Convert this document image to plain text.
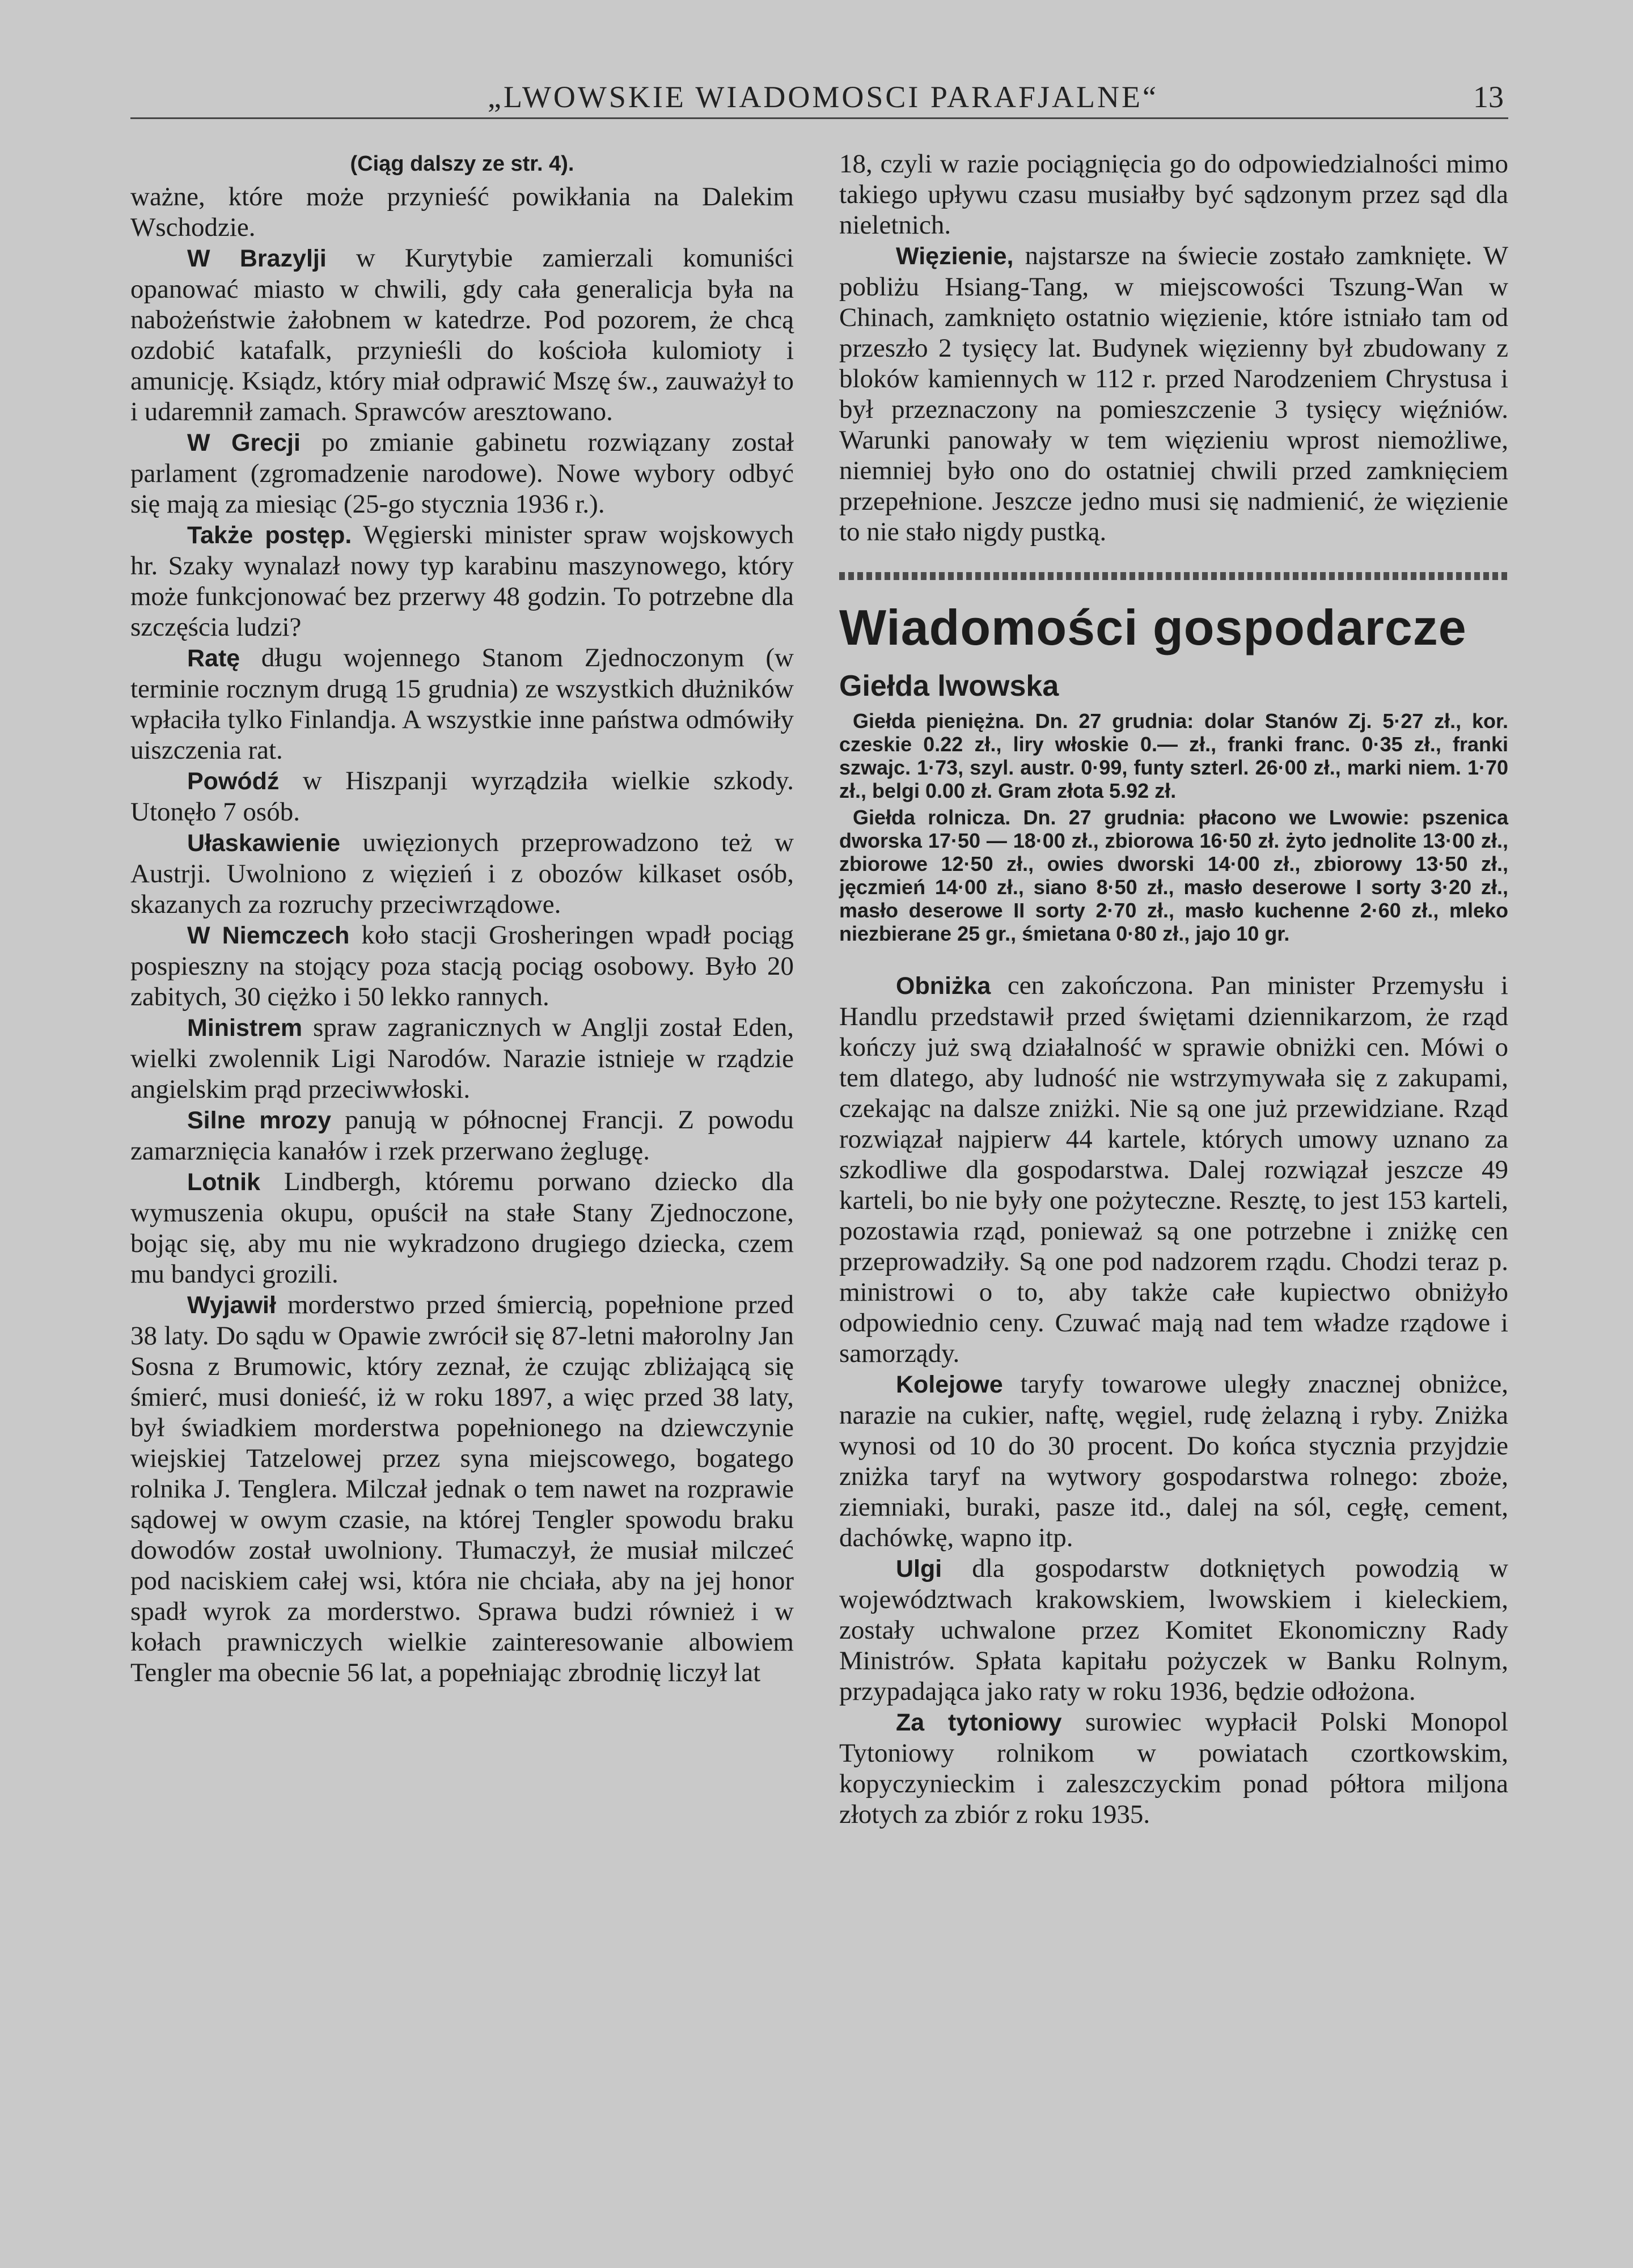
„LWOWSKIE WIADOMOSCI PARAFJALNE“	13

(Ciąg dalszy ze str. 4).

ważne, które może przynieść powikłania na Dalekim Wschodzie.

W Brazylji w Kurytybie zamierzali komuniści opanować miasto w chwili, gdy cała generalicja była na nabożeństwie żałobnem w katedrze. Pod pozorem, że chcą ozdobić katafalk, przynieśli do kościoła kulomioty i amunicję. Ksiądz, który miał odprawić Mszę św., zauważył to i udaremnił zamach. Sprawców aresztowano.

W Grecji po zmianie gabinetu rozwiązany został parlament (zgromadzenie narodowe). Nowe wybory odbyć się mają za miesiąc (25-go stycznia 1936 r.).

Także postęp. Węgierski minister spraw wojskowych hr. Szaky wynalazł nowy typ karabinu maszynowego, który może funkcjonować bez przerwy 48 godzin. To potrzebne dla szczęścia ludzi?

Ratę długu wojennego Stanom Zjednoczonym (w terminie rocznym drugą 15 grudnia) ze wszystkich dłużników wpłaciła tylko Finlandja. A wszystkie inne państwa odmówiły uiszczenia rat.

Powódź w Hiszpanji wyrządziła wielkie szkody. Utonęło 7 osób.

Ułaskawienie uwięzionych przeprowadzono też w Austrji. Uwolniono z więzień i z obozów kilkaset osób, skazanych za rozruchy przeciwrządowe.

W Niemczech koło stacji Grosheringen wpadł pociąg pospieszny na stojący poza stacją pociąg osobowy. Było 20 zabitych, 30 ciężko i 50 lekko rannych.

Ministrem spraw zagranicznych w Anglji został Eden, wielki zwolennik Ligi Narodów. Narazie istnieje w rządzie angielskim prąd przeciwwłoski.

Silne mrozy panują w północnej Francji. Z powodu zamarznięcia kanałów i rzek przerwano żeglugę.

Lotnik Lindbergh, któremu porwano dziecko dla wymuszenia okupu, opuścił na stałe Stany Zjednoczone, bojąc się, aby mu nie wykradzono drugiego dziecka, czem mu bandyci grozili.

Wyjawił morderstwo przed śmiercią, popełnione przed 38 laty. Do sądu w Opawie zwrócił się 87-letni małorolny Jan Sosna z Brumowic, który zeznał, że czując zbliżającą się śmierć, musi donieść, iż w roku 1897, a więc przed 38 laty, był świadkiem morderstwa popełnionego na dziewczynie wiejskiej Tatzelowej przez syna miejscowego, bogatego rolnika J. Tenglera. Milczał jednak o tem nawet na rozprawie sądowej w owym czasie, na której Tengler spowodu braku dowodów został uwolniony. Tłumaczył, że musiał milczeć pod naciskiem całej wsi, która nie chciała, aby na jej honor spadł wyrok za morderstwo. Sprawa budzi również i w kołach prawniczych wielkie zainteresowanie albowiem Tengler ma obecnie 56 lat, a popełniając zbrodnię liczył lat

18, czyli w razie pociągnięcia go do odpowiedzialności mimo takiego upływu czasu musiałby być sądzonym przez sąd dla nieletnich.

Więzienie, najstarsze na świecie zostało zamknięte. W pobliżu Hsiang-Tang, w miejscowości Tszung-Wan w Chinach, zamknięto ostatnio więzienie, które istniało tam od przeszło 2 tysięcy lat. Budynek więzienny był zbudowany z bloków kamiennych w 112 r. przed Narodzeniem Chrystusa i był przeznaczony na pomieszczenie 3 tysięcy więźniów. Warunki panowały w tem więzieniu wprost niemożliwe, niemniej było ono do ostatniej chwili przed zamknięciem przepełnione. Jeszcze jedno musi się nadmienić, że więzienie to nie stało nigdy pustką.

Wiadomości gospodarcze
Giełda lwowska

Giełda pieniężna. Dn. 27 grudnia: dolar Stanów Zj. 5·27 zł., kor. czeskie 0.22 zł., liry włoskie 0.— zł., franki franc. 0·35 zł., franki szwajc. 1·73, szyl. austr. 0·99, funty szterl. 26·00 zł., marki niem. 1·70 zł., belgi 0.00 zł. Gram złota 5.92 zł.

Giełda rolnicza. Dn. 27 grudnia: płacono we Lwowie: pszenica dworska 17·50 — 18·00 zł., zbiorowa 16·50 zł. żyto jednolite 13·00 zł., zbiorowe 12·50 zł., owies dworski 14·00 zł., zbiorowy 13·50 zł., jęczmień 14·00 zł., siano 8·50 zł., masło deserowe I sorty 3·20 zł., masło deserowe II sorty 2·70 zł., masło kuchenne 2·60 zł., mleko niezbierane 25 gr., śmietana 0·80 zł., jajo 10 gr.

Obniżka cen zakończona. Pan minister Przemysłu i Handlu przedstawił przed świętami dziennikarzom, że rząd kończy już swą działalność w sprawie obniżki cen. Mówi o tem dlatego, aby ludność nie wstrzymywała się z zakupami, czekając na dalsze zniżki. Nie są one już przewidziane. Rząd rozwiązał najpierw 44 kartele, których umowy uznano za szkodliwe dla gospodarstwa. Dalej rozwiązał jeszcze 49 karteli, bo nie były one pożyteczne. Resztę, to jest 153 karteli, pozostawia rząd, ponieważ są one potrzebne i zniżkę cen przeprowadziły. Są one pod nadzorem rządu. Chodzi teraz p. ministrowi o to, aby także całe kupiectwo obniżyło odpowiednio ceny. Czuwać mają nad tem władze rządowe i samorządy.

Kolejowe taryfy towarowe uległy znacznej obniżce, narazie na cukier, naftę, węgiel, rudę żelazną i ryby. Zniżka wynosi od 10 do 30 procent. Do końca stycznia przyjdzie zniżka taryf na wytwory gospodarstwa rolnego: zboże, ziemniaki, buraki, pasze itd., dalej na sól, cegłę, cement, dachówkę, wapno itp.

Ulgi dla gospodarstw dotkniętych powodzią w województwach krakowskiem, lwowskiem i kieleckiem, zostały uchwalone przez Komitet Ekonomiczny Rady Ministrów. Spłata kapitału pożyczek w Banku Rolnym, przypadająca jako raty w roku 1936, będzie odłożona.

Za tytoniowy surowiec wypłacił Polski Monopol Tytoniowy rolnikom w powiatach czortkowskim, kopyczynieckim i zaleszczyckim ponad półtora miljona złotych za zbiór z roku 1935.
